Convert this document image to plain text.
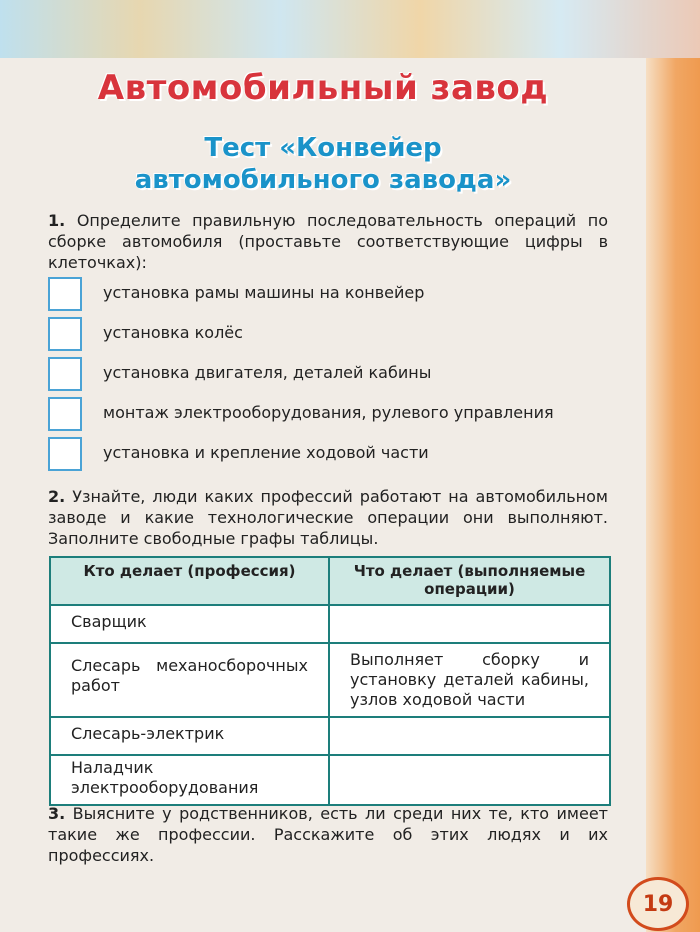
Автомобильный завод
Тест «Конвейер
автомобильного завода»
1. Определите правильную последовательность операций по сборке автомобиля (проставьте соответствующие цифры в клеточках):
установка рамы машины на конвейер
установка колёс
установка двигателя, деталей кабины
монтаж электрооборудования, рулевого управления
установка и крепление ходовой части
2. Узнайте, люди каких профессий работают на автомобильном заводе и какие технологические операции они выполняют. Заполните свободные графы таблицы.
Кто делает (профессия)	Что делает (выполняемые операции)
Сварщик	
Слесарь механосборочных работ	Выполняет сборку и установку деталей кабины, узлов ходовой части
Слесарь-электрик	
Наладчик электрооборудования	
3. Выясните у родственников, есть ли среди них те, кто имеет такие же профессии. Расскажите об этих людях и их профессиях.
19
